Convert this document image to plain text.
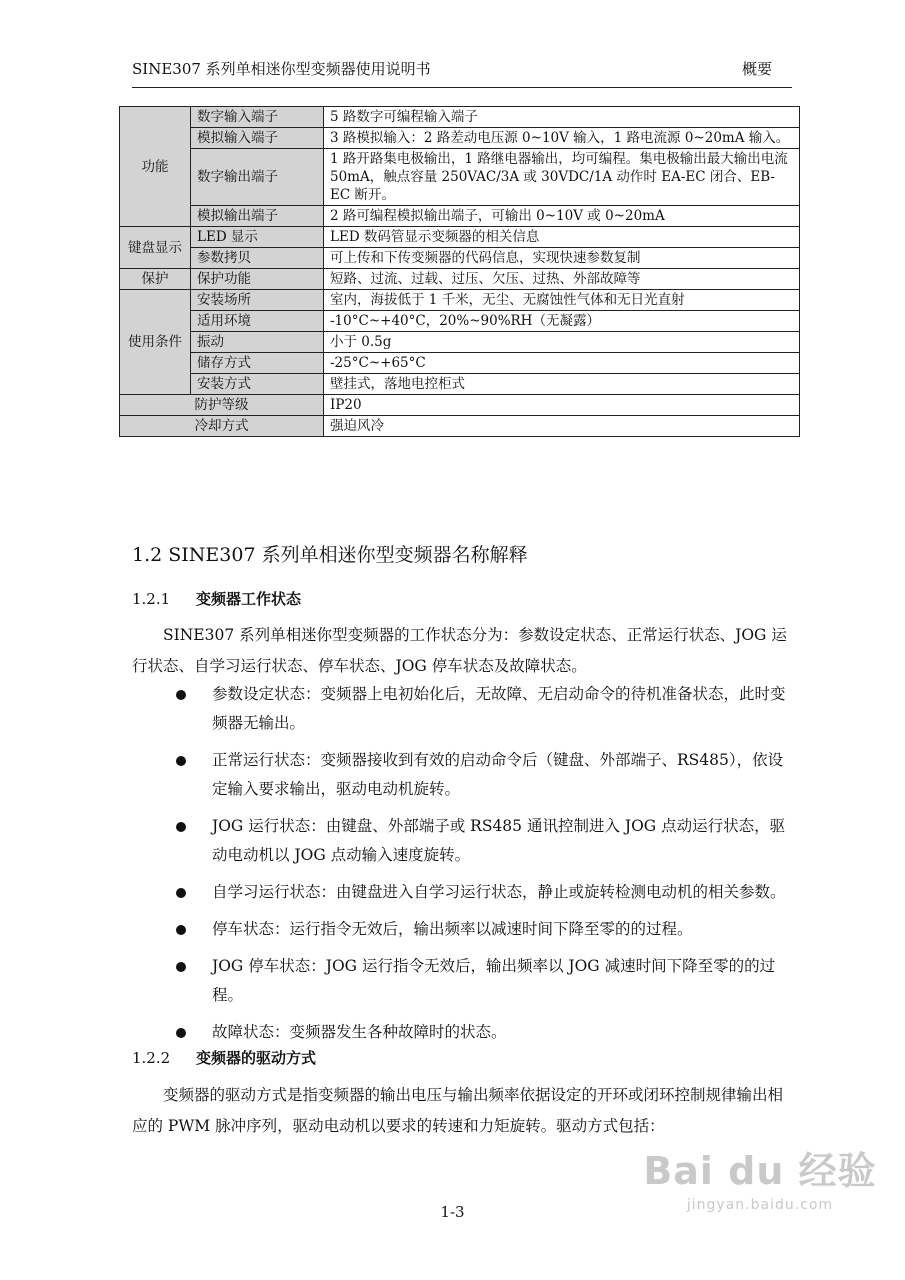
SINE307 系列单相迷你型变频器使用说明书	概要
功能	数字输入端子	5 路数字可编程输入端子
	模拟输入端子	3 路模拟输入：2 路差动电压源 0~10V 输入，1 路电流源 0~20mA 输入。
	数字输出端子	1 路开路集电极输出，1 路继电器输出，均可编程。集电极输出最大输出电流 50mA，触点容量 250VAC/3A 或 30VDC/1A 动作时 EA-EC 闭合、EB-EC 断开。
	模拟输出端子	2 路可编程模拟输出端子，可输出 0~10V 或 0~20mA
键盘显示	LED 显示	LED 数码管显示变频器的相关信息
	参数拷贝	可上传和下传变频器的代码信息，实现快速参数复制
保护	保护功能	短路、过流、过载、过压、欠压、过热、外部故障等
使用条件	安装场所	室内，海拔低于 1 千米，无尘、无腐蚀性气体和无日光直射
	适用环境	-10°C~+40°C，20%~90%RH（无凝露）
	振动	小于 0.5g
	储存方式	-25°C~+65°C
	安装方式	壁挂式，落地电控柜式
防护等级		IP20
冷却方式		强迫风冷
1.2 SINE307 系列单相迷你型变频器名称解释
1.2.1 变频器工作状态

SINE307 系列单相迷你型变频器的工作状态分为：参数设定状态、正常运行状态、JOG 运行状态、自学习运行状态、停车状态、JOG 停车状态及故障状态。

参数设定状态：变频器上电初始化后，无故障、无启动命令的待机准备状态，此时变频器无输出。
正常运行状态：变频器接收到有效的启动命令后（键盘、外部端子、RS485），依设定输入要求输出，驱动电动机旋转。
JOG 运行状态：由键盘、外部端子或 RS485 通讯控制进入 JOG 点动运行状态，驱动电动机以 JOG 点动输入速度旋转。
自学习运行状态：由键盘进入自学习运行状态，静止或旋转检测电动机的相关参数。
停车状态：运行指令无效后，输出频率以减速时间下降至零的的过程。
JOG 停车状态：JOG 运行指令无效后，输出频率以 JOG 减速时间下降至零的的过程。
故障状态：变频器发生各种故障时的状态。
1.2.2 变频器的驱动方式

变频器的驱动方式是指变频器的输出电压与输出频率依据设定的开环或闭环控制规律输出相应的 PWM 脉冲序列，驱动电动机以要求的转速和力矩旋转。驱动方式包括：

1-3
Bai du 经验
jingyan.baidu.com
